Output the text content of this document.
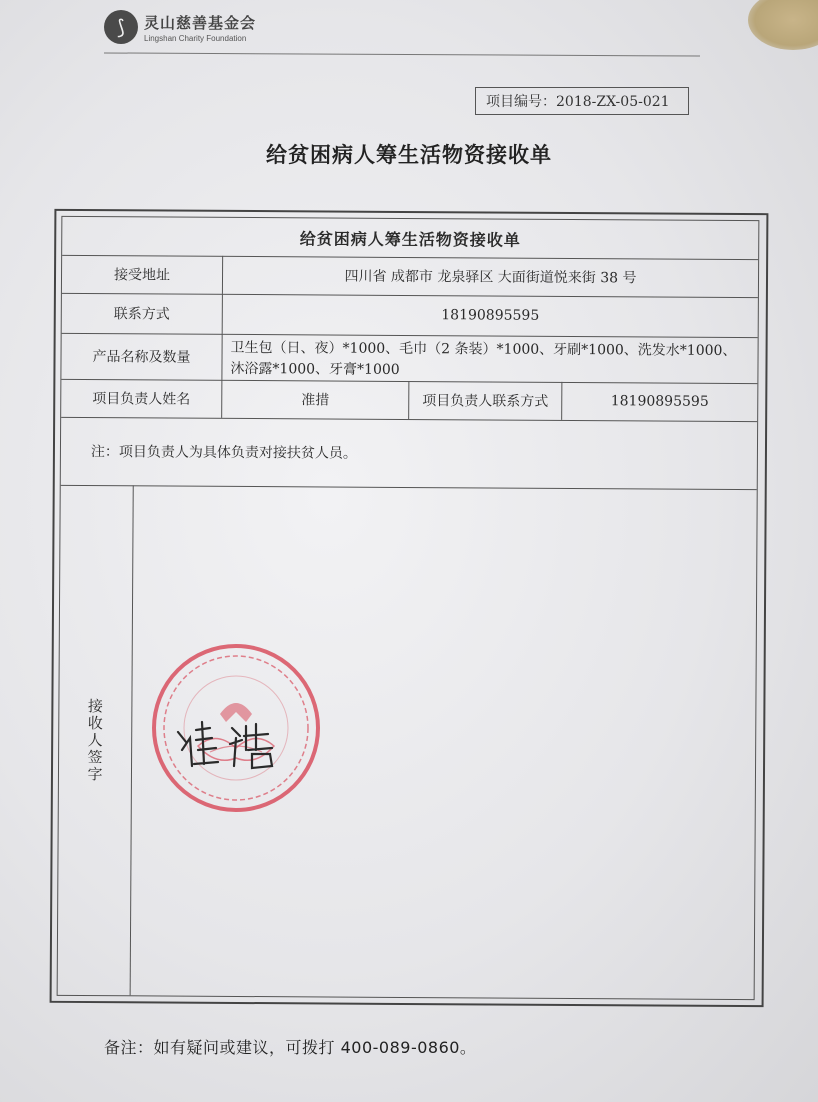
⟆	灵山慈善基金会
Lingshan Charity Foundation
项目编号：2018-ZX-05-021
给贫困病人筹生活物资接收单
给贫困病人筹生活物资接收单
接受地址	四川省 成都市 龙泉驿区 大面街道悦来街 38 号
联系方式	18190895595
产品名称及数量	卫生包（日、夜）*1000、毛巾（2 条装）*1000、牙刷*1000、洗发水*1000、沐浴露*1000、牙膏*1000
项目负责人姓名	准措	项目负责人联系方式	18190895595
注：项目负责人为具体负责对接扶贫人员。
接收人签字
备注：如有疑问或建议，可拨打 400-089-0860。
